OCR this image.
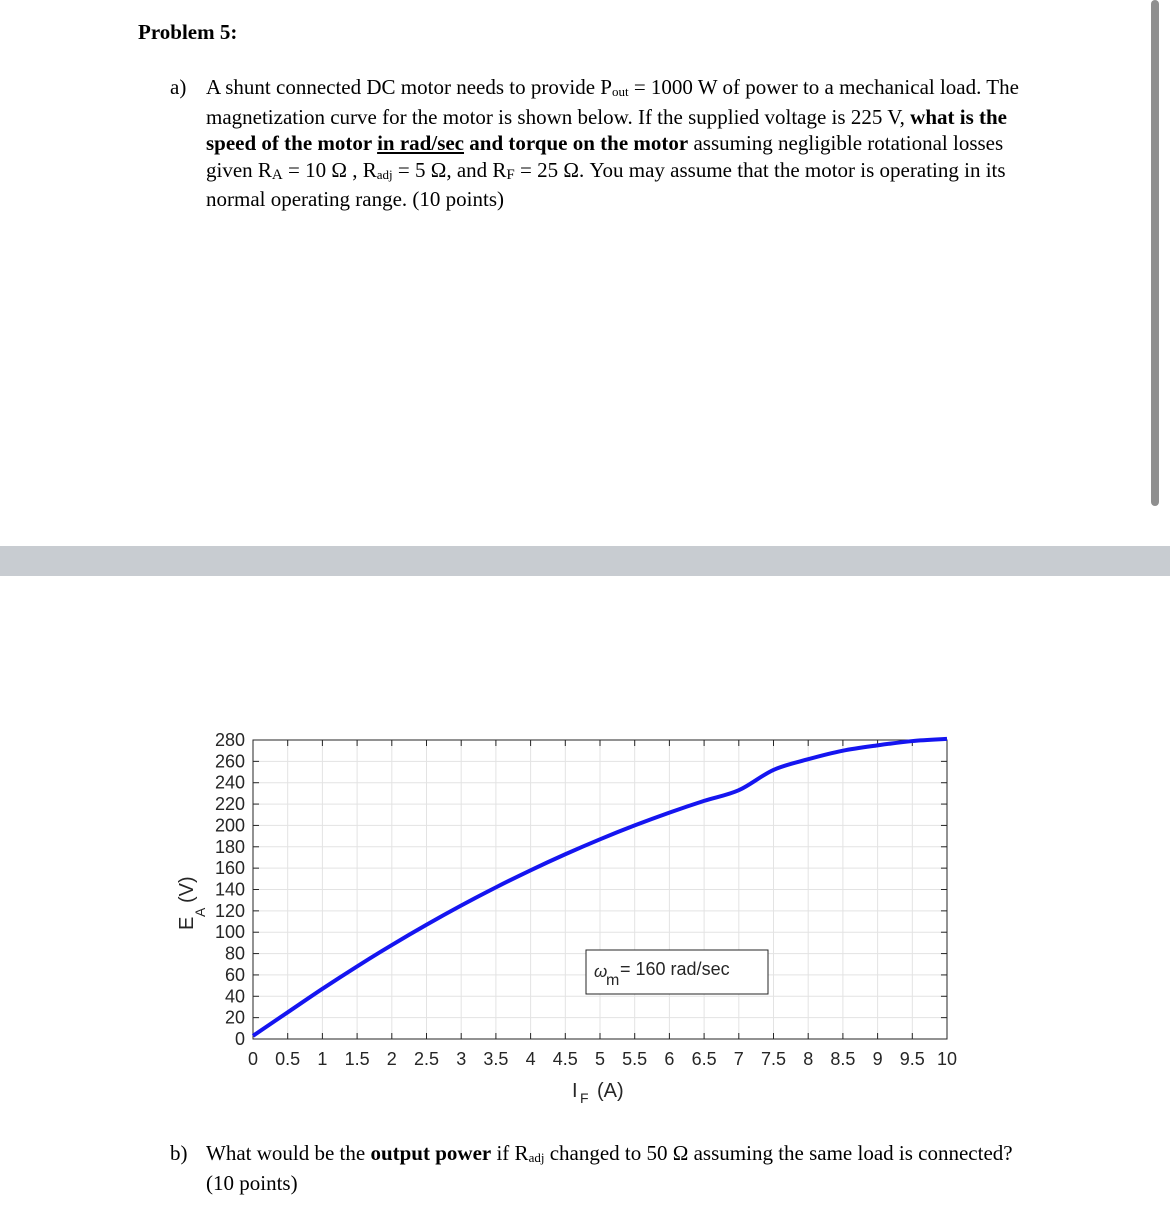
Problem 5:
a) A shunt connected DC motor needs to provide $P_{out} = 1000$ W of power to a mechanical load. The magnetization curve for the motor is shown below. If the supplied voltage is 225 V, what is the speed of the motor in rad/sec and torque on the motor assuming negligible rotational losses given $R_A = 10$ Ω , $R_{adj} = 5$ Ω, and $R_F = 25$ Ω. You may assume that the motor is operating in its normal operating range. (10 points)
0 0.5 1 1.5 2 2.5 3 3.5 4 4.5 5 5.5 6 6.5 7 7.5 8 8.5 9 9.5 10
0
20
40
60
80
100
120
140
160
180
200
220
240
260
280
ω
m
= 160 rad/sec
I F (A)
E
A
(V)
b) What would be the output power if $R_{adj}$ changed to 50 Ω assuming the same load is connected? (10 points)
